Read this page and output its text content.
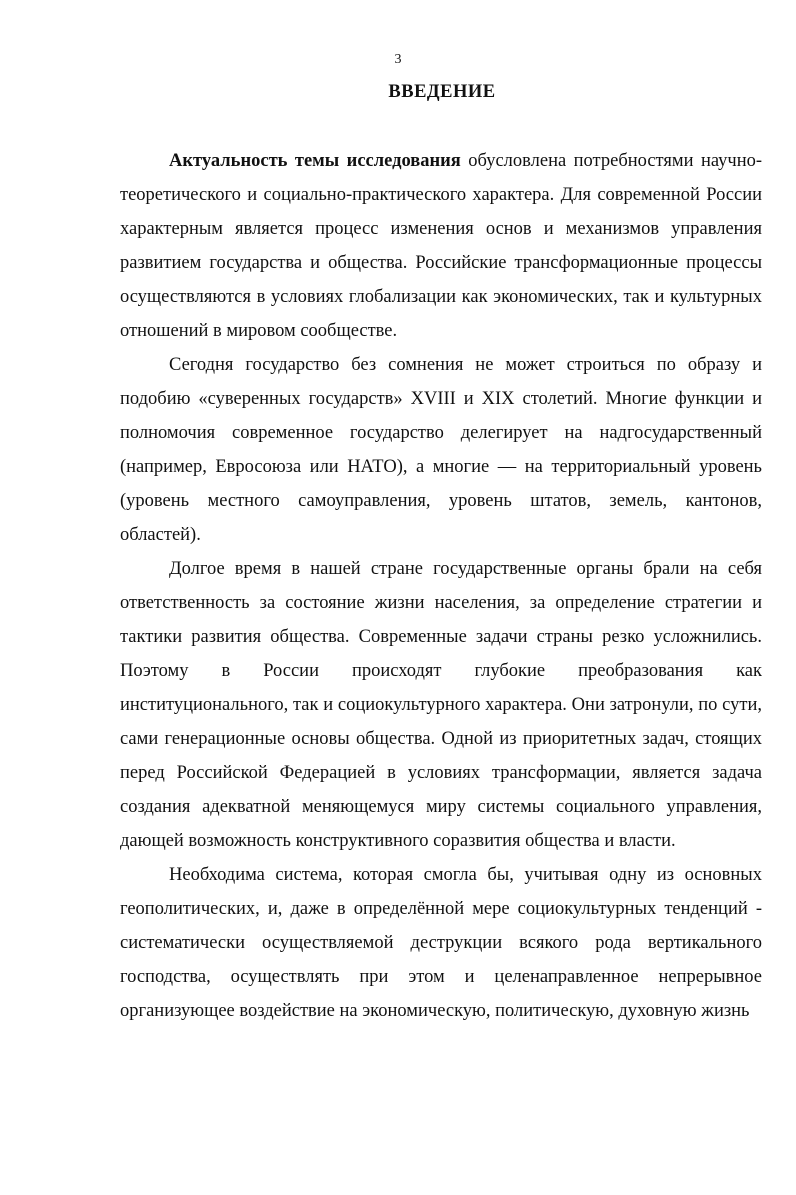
3
ВВЕДЕНИЕ

Актуальность темы исследования обусловлена потребностями научно-теоретического и социально-практического характера. Для современной России характерным является процесс изменения основ и механизмов управления развитием государства и общества. Российские трансформационные процессы осуществляются в условиях глобализации как экономических, так и культурных отношений в мировом сообществе.

Сегодня государство без сомнения не может строиться по образу и подобию «суверенных государств» XVIII и XIX столетий. Многие функции и полномочия современное государство делегирует на надгосударственный (например, Евросоюза или НАТО), а многие — на территориальный уровень (уровень местного самоуправления, уровень штатов, земель, кантонов, областей).

Долгое время в нашей стране государственные органы брали на себя ответственность за состояние жизни населения, за определение стратегии и тактики развития общества. Современные задачи страны резко усложнились. Поэтому в России происходят глубокие преобразования как институционального, так и социокультурного характера. Они затронули, по сути, сами генерационные основы общества. Одной из приоритетных задач, стоящих перед Российской Федерацией в условиях трансформации, является задача создания адекватной меняющемуся миру системы социального управления, дающей возможность конструктивного соразвития общества и власти.

Необходима система, которая смогла бы, учитывая одну из основных геополитических, и, даже в определённой мере социокультурных тенденций - систематически осуществляемой деструкции всякого рода вертикального господства, осуществлять при этом и целенаправленное непрерывное организующее воздействие на экономическую, политическую, духовную жизнь
